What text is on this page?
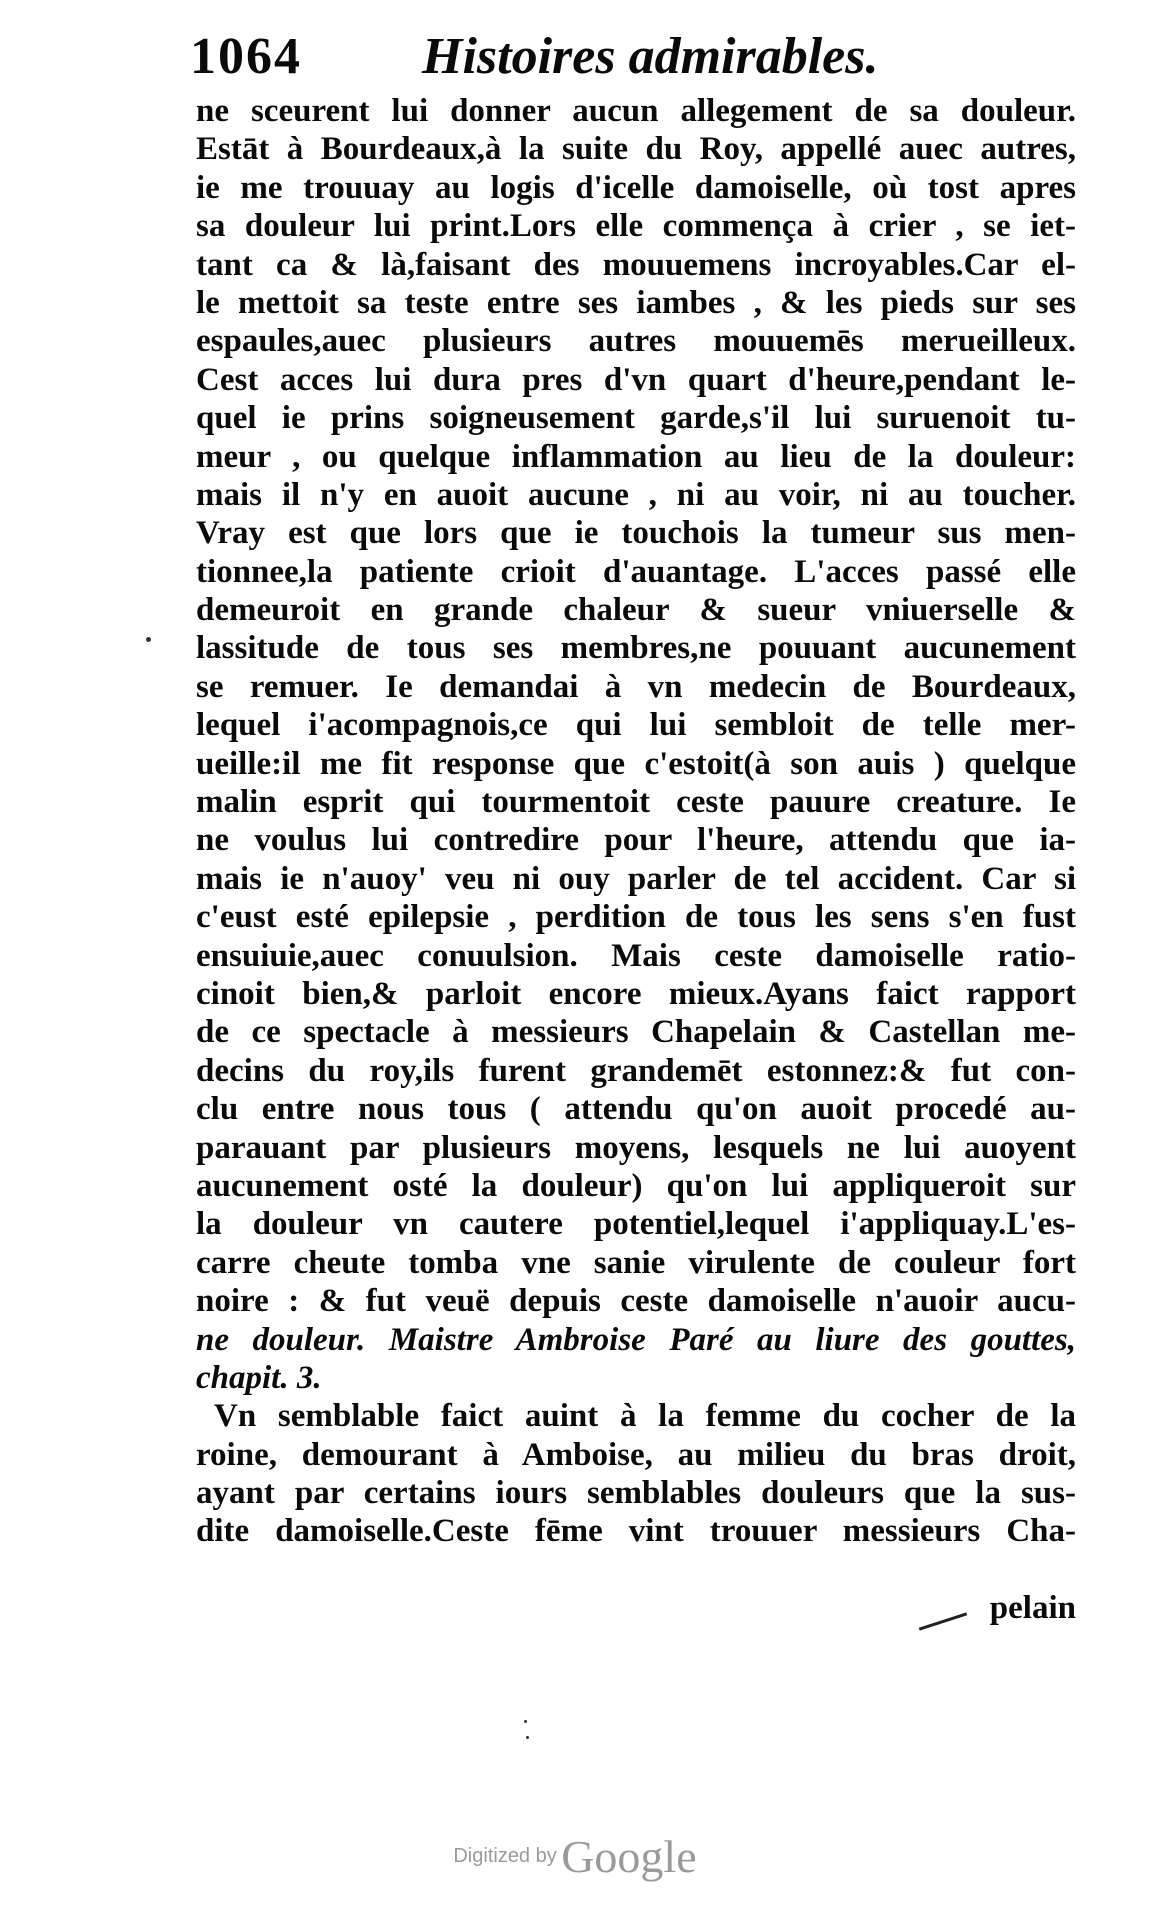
1064 Histoires admirables.
ne sceurent lui donner aucun allegement de sa douleur.
Estāt à Bourdeaux,à la suite du Roy, appellé auec autres,
ie me trouuay au logis d'icelle damoiselle, où tost apres
sa douleur lui print.Lors elle commença à crier , se iet-
tant ca & là,faisant des mouuemens incroyables.Car el-
le mettoit sa teste entre ses iambes , & les pieds sur ses
espaules,auec plusieurs autres mouuemēs merueilleux.
Cest acces lui dura pres d'vn quart d'heure,pendant le-
quel ie prins soigneusement garde,s'il lui suruenoit tu-
meur , ou quelque inflammation au lieu de la douleur:
mais il n'y en auoit aucune , ni au voir, ni au toucher.
Vray est que lors que ie touchois la tumeur sus men-
tionnee,la patiente crioit d'auantage. L'acces passé elle
demeuroit en grande chaleur & sueur vniuerselle &
lassitude de tous ses membres,ne pouuant aucunement
se remuer. Ie demandai à vn medecin de Bourdeaux,
lequel i'acompagnois,ce qui lui sembloit de telle mer-
ueille:il me fit response que c'estoit(à son auis ) quelque
malin esprit qui tourmentoit ceste pauure creature. Ie
ne voulus lui contredire pour l'heure, attendu que ia-
mais ie n'auoy' veu ni ouy parler de tel accident. Car si
c'eust esté epilepsie , perdition de tous les sens s'en fust
ensuiuie,auec conuulsion. Mais ceste damoiselle ratio-
cinoit bien,& parloit encore mieux.Ayans faict rapport
de ce spectacle à messieurs Chapelain & Castellan me-
decins du roy,ils furent grandemēt estonnez:& fut con-
clu entre nous tous ( attendu qu'on auoit procedé au-
parauant par plusieurs moyens, lesquels ne lui auoyent
aucunement osté la douleur) qu'on lui appliqueroit sur
la douleur vn cautere potentiel,lequel i'appliquay.L'es-
carre cheute tomba vne sanie virulente de couleur fort
noire : & fut veuë depuis ceste damoiselle n'auoir aucu-
ne douleur. Maistre Ambroise Paré au liure des gouttes,
chapit. 3.
Vn semblable faict auint à la femme du cocher de la
roine, demourant à Amboise, au milieu du bras droit,
ayant par certains iours semblables douleurs que la sus-
dite damoiselle.Ceste fēme vint trouuer messieurs Cha-
pelain
Digitized by Google
